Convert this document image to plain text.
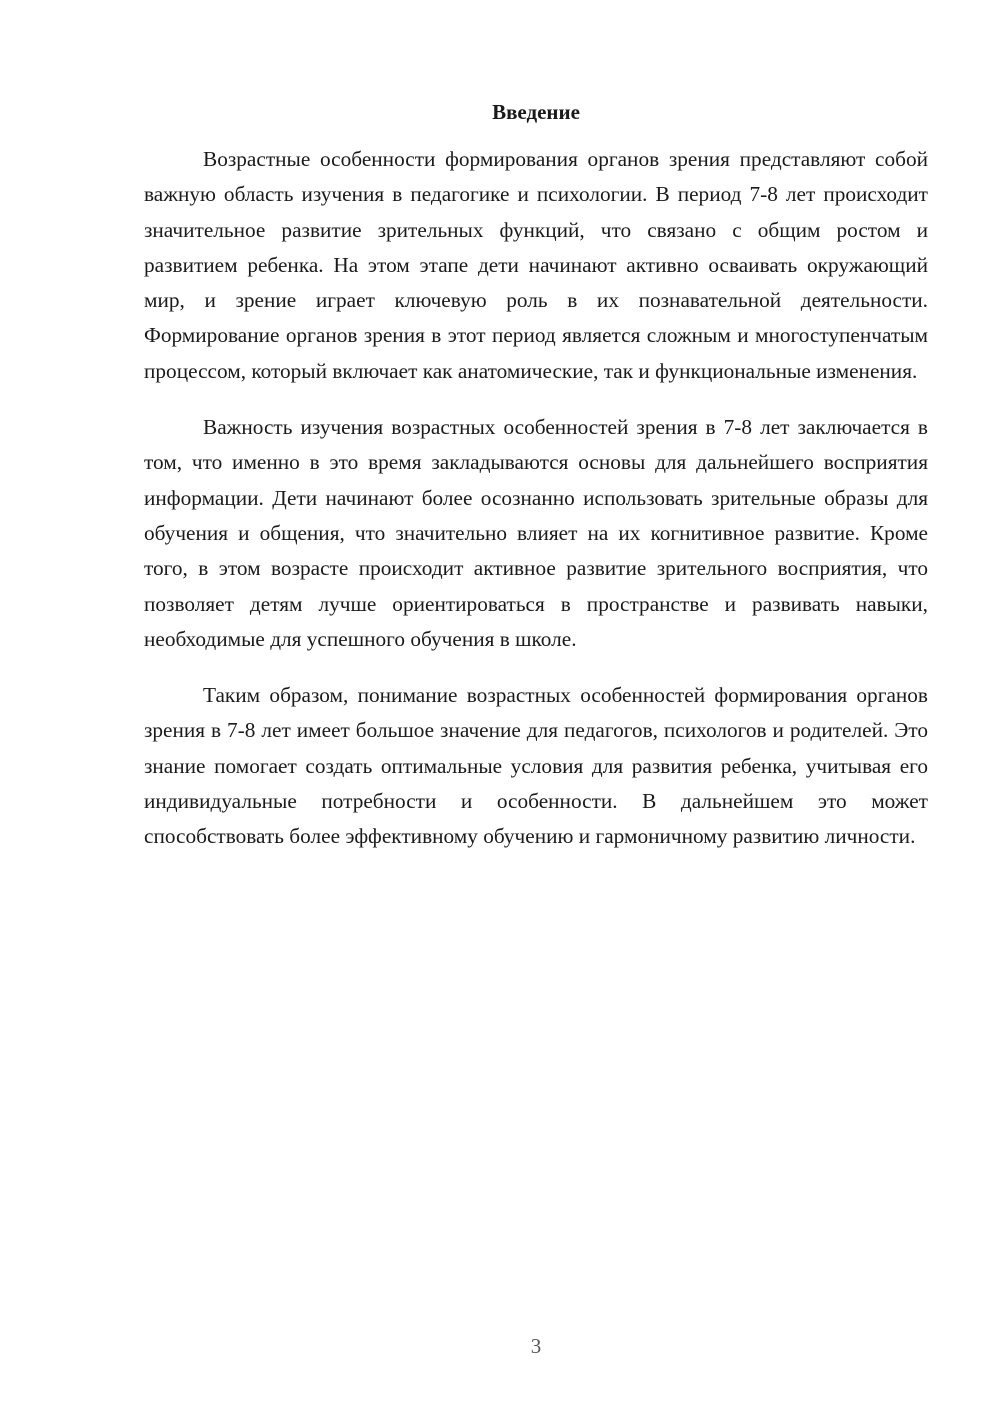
Введение

Возрастные особенности формирования органов зрения представляют собой важную область изучения в педагогике и психологии. В период 7-8 лет происходит значительное развитие зрительных функций, что связано с общим ростом и развитием ребенка. На этом этапе дети начинают активно осваивать окружающий мир, и зрение играет ключевую роль в их познавательной деятельности. Формирование органов зрения в этот период является сложным и многоступенчатым процессом, который включает как анатомические, так и функциональные изменения.

Важность изучения возрастных особенностей зрения в 7-8 лет заключается в том, что именно в это время закладываются основы для дальнейшего восприятия информации. Дети начинают более осознанно использовать зрительные образы для обучения и общения, что значительно влияет на их когнитивное развитие. Кроме того, в этом возрасте происходит активное развитие зрительного восприятия, что позволяет детям лучше ориентироваться в пространстве и развивать навыки, необходимые для успешного обучения в школе.

Таким образом, понимание возрастных особенностей формирования органов зрения в 7-8 лет имеет большое значение для педагогов, психологов и родителей. Это знание помогает создать оптимальные условия для развития ребенка, учитывая его индивидуальные потребности и особенности. В дальнейшем это может способствовать более эффективному обучению и гармоничному развитию личности.

3
